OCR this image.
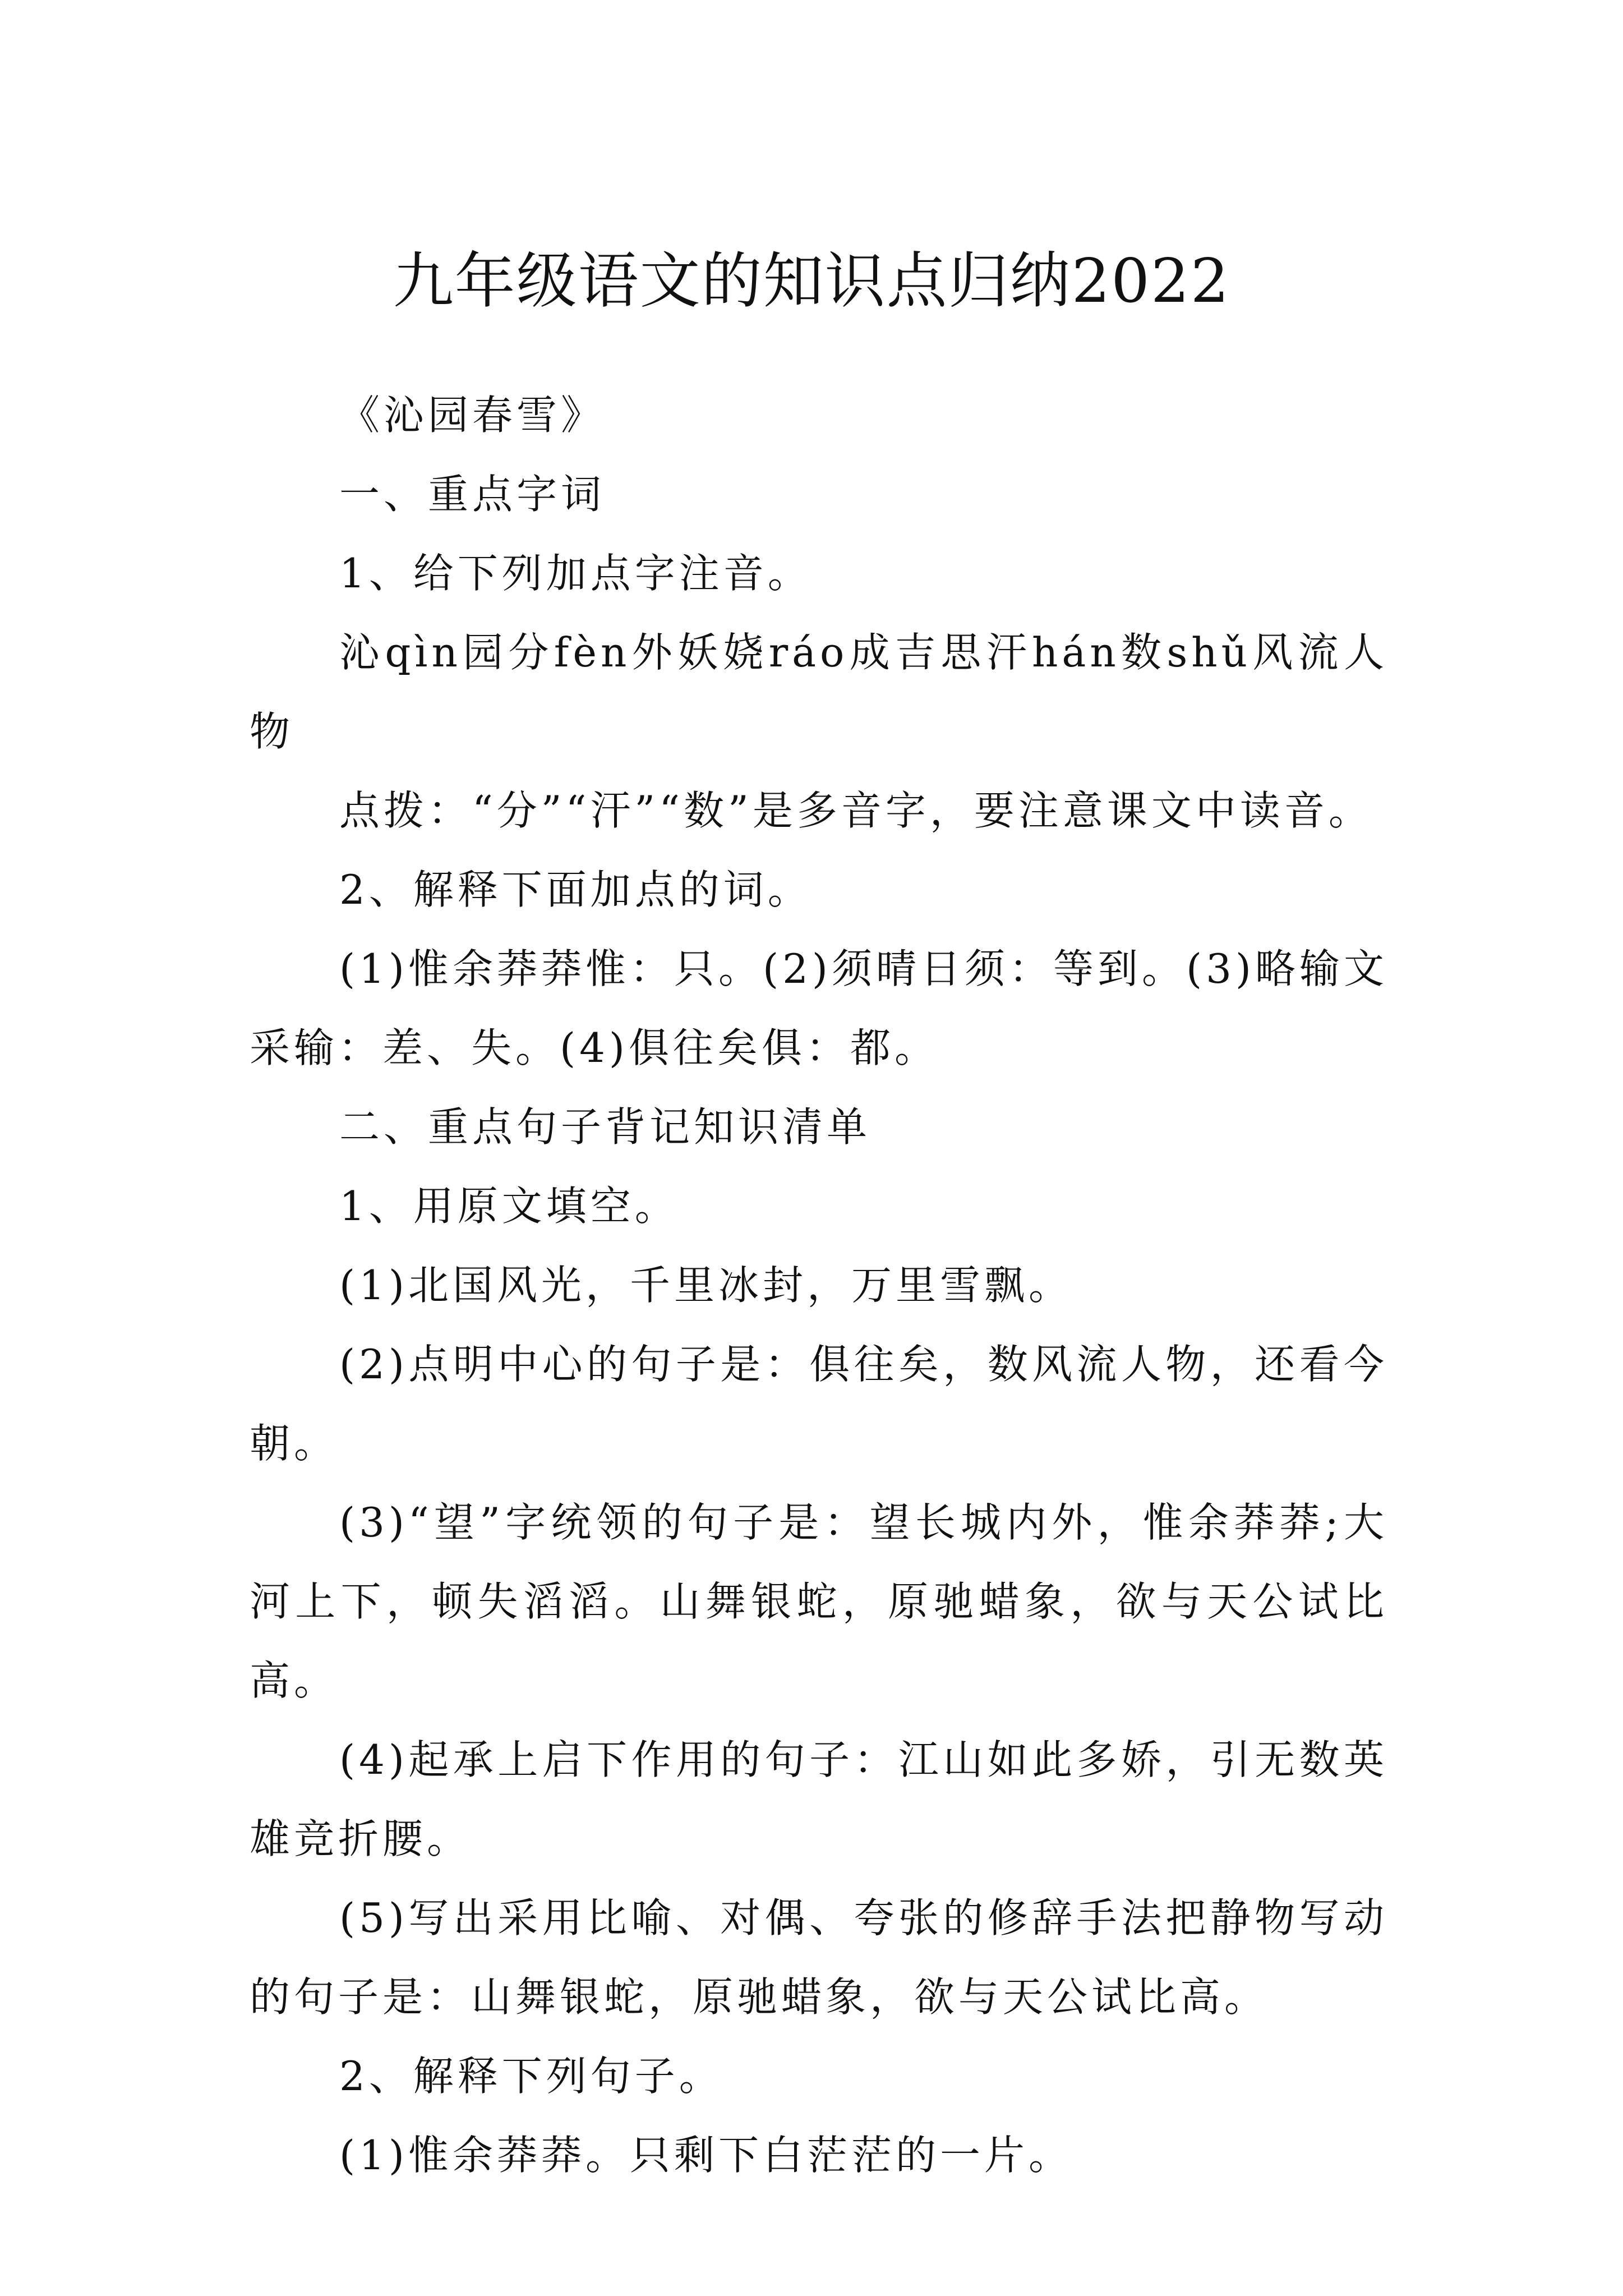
九年级语文的知识点归纳2022

《沁园春雪》

一、重点字词

1、给下列加点字注音。

沁qìn园分fèn外妖娆ráo成吉思汗hán数shǔ风流人物

点拨：“分”“汗”“数”是多音字，要注意课文中读音。

2、解释下面加点的词。

(1)惟余莽莽惟：只。(2)须晴日须：等到。(3)略输文采输：差、失。(4)俱往矣俱：都。

二、重点句子背记知识清单

1、用原文填空。

(1)北国风光，千里冰封，万里雪飘。

(2)点明中心的句子是：俱往矣，数风流人物，还看今朝。

(3)“望”字统领的句子是：望长城内外，惟余莽莽;大河上下，顿失滔滔。山舞银蛇，原驰蜡象，欲与天公试比高。

(4)起承上启下作用的句子：江山如此多娇，引无数英雄竞折腰。

(5)写出采用比喻、对偶、夸张的修辞手法把静物写动的句子是：山舞银蛇，原驰蜡象，欲与天公试比高。

2、解释下列句子。

(1)惟余莽莽。只剩下白茫茫的一片。
